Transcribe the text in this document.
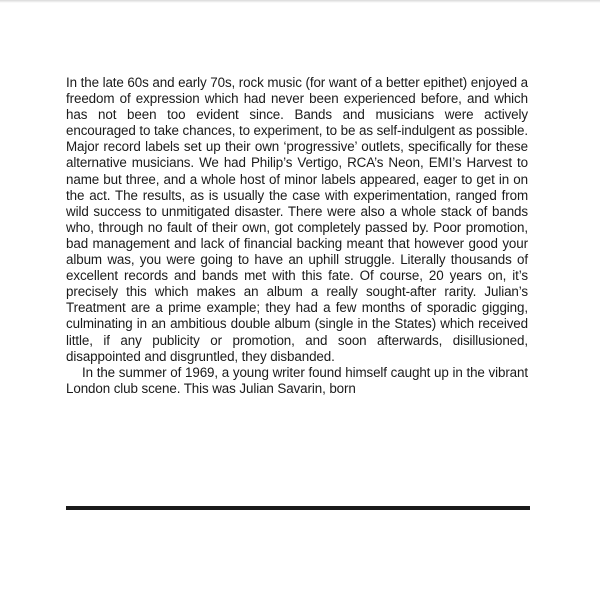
In the late 60s and early 70s, rock music (for want of a better epithet) enjoyed a freedom of expression which had never been experienced before, and which has not been too evident since. Bands and musicians were actively encouraged to take chances, to experiment, to be as self-indulgent as possible. Major record labels set up their own ‘progressive’ outlets, specifically for these alternative musicians. We had Philip’s Vertigo, RCA’s Neon, EMI’s Harvest to name but three, and a whole host of minor labels appeared, eager to get in on the act. The results, as is usually the case with experimentation, ranged from wild success to unmitigated disaster. There were also a whole stack of bands who, through no fault of their own, got completely passed by. Poor promotion, bad management and lack of financial backing meant that however good your album was, you were going to have an uphill struggle. Literally thousands of excellent records and bands met with this fate. Of course, 20 years on, it’s precisely this which makes an album a really sought-after rarity. Julian’s Treatment are a prime example; they had a few months of sporadic gigging, culminating in an ambitious double album (single in the States) which received little, if any publicity or promotion, and soon afterwards, disillusioned, disappointed and disgruntled, they disbanded.

In the summer of 1969, a young writer found himself caught up in the vibrant London club scene. This was Julian Savarin, born
